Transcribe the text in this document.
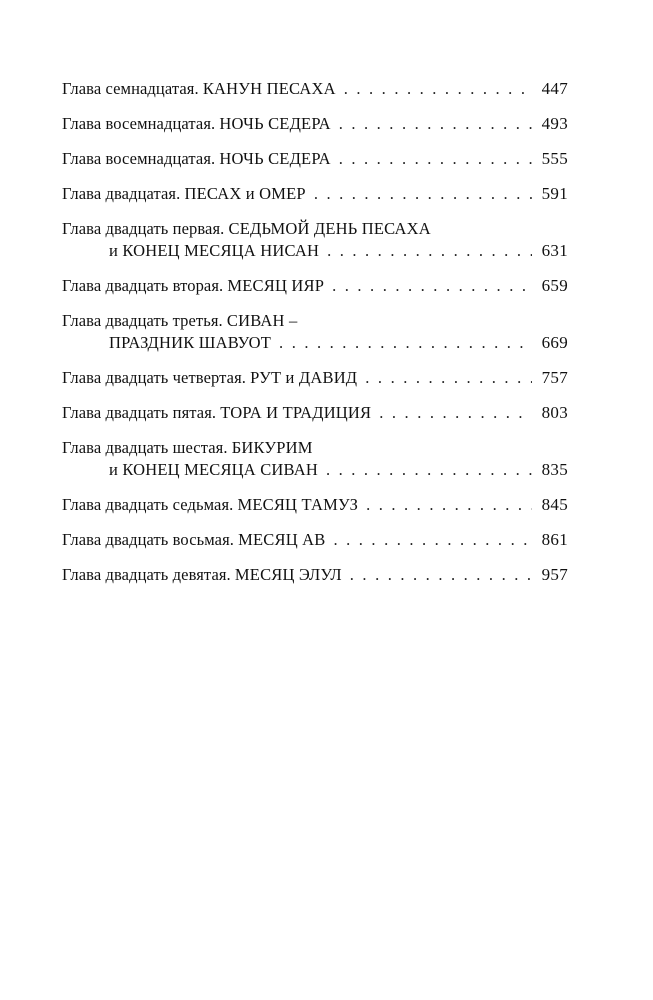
Глава семнадцатая.
КАНУН ПЕСАХА . . .	447
Глава восемнадцатая.
НОЧЬ СЕДЕРА . . .	493
Глава восемнадцатая.
НОЧЬ СЕДЕРА . . .	555
Глава двадцатая.
ПЕСАХ и ОМЕР . . .	591
Глава двадцать первая.
СЕДЬМОЙ ДЕНЬ ПЕСАХА
и КОНЕЦ МЕСЯЦА НИСАН . . .	631
Глава двадцать вторая.
МЕСЯЦ ИЯР . . .	659
Глава двадцать третья.
СИВАН –
ПРАЗДНИК ШАВУОТ . . .	669
Глава двадцать четвертая.
РУТ и ДАВИД . . .	757
Глава двадцать пятая.
ТОРА И ТРАДИЦИЯ . . .	803
Глава двадцать шестая.
БИКУРИМ
и КОНЕЦ МЕСЯЦА СИВАН . . .	835
Глава двадцать седьмая.
МЕСЯЦ ТАМУЗ . . .	845
Глава двадцать восьмая.
МЕСЯЦ АВ . . .	861
Глава двадцать девятая.
МЕСЯЦ ЭЛУЛ . . .	957
